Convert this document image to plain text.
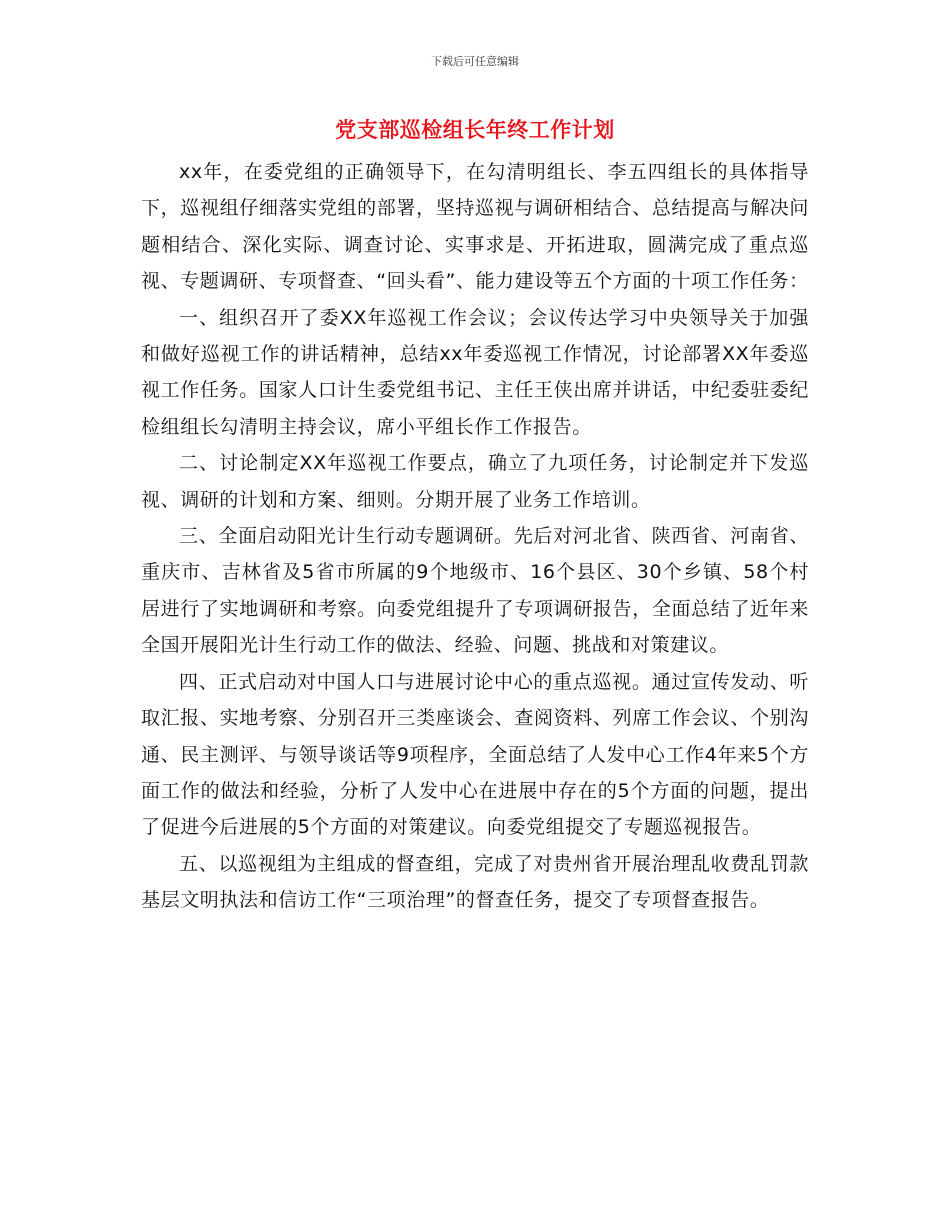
下载后可任意编辑
党支部巡检组长年终工作计划

xx年，在委党组的正确领导下，在勾清明组长、李五四组长的具体指导下，巡视组仔细落实党组的部署，坚持巡视与调研相结合、总结提高与解决问题相结合、深化实际、调查讨论、实事求是、开拓进取，圆满完成了重点巡视、专题调研、专项督查、“回头看”、能力建设等五个方面的十项工作任务：

一、组织召开了委XX年巡视工作会议；会议传达学习中央领导关于加强和做好巡视工作的讲话精神，总结xx年委巡视工作情况，讨论部署XX年委巡视工作任务。国家人口计生委党组书记、主任王侠出席并讲话，中纪委驻委纪检组组长勾清明主持会议，席小平组长作工作报告。

二、讨论制定XX年巡视工作要点，确立了九项任务，讨论制定并下发巡视、调研的计划和方案、细则。分期开展了业务工作培训。

三、全面启动阳光计生行动专题调研。先后对河北省、陕西省、河南省、重庆市、吉林省及5省市所属的9个地级市、16个县区、30个乡镇、58个村居进行了实地调研和考察。向委党组提升了专项调研报告，全面总结了近年来全国开展阳光计生行动工作的做法、经验、问题、挑战和对策建议。

四、正式启动对中国人口与进展讨论中心的重点巡视。通过宣传发动、听取汇报、实地考察、分别召开三类座谈会、查阅资料、列席工作会议、个别沟通、民主测评、与领导谈话等9项程序，全面总结了人发中心工作4年来5个方面工作的做法和经验，分析了人发中心在进展中存在的5个方面的问题，提出了促进今后进展的5个方面的对策建议。向委党组提交了专题巡视报告。

五、以巡视组为主组成的督查组，完成了对贵州省开展治理乱收费乱罚款基层文明执法和信访工作“三项治理”的督查任务，提交了专项督查报告。
